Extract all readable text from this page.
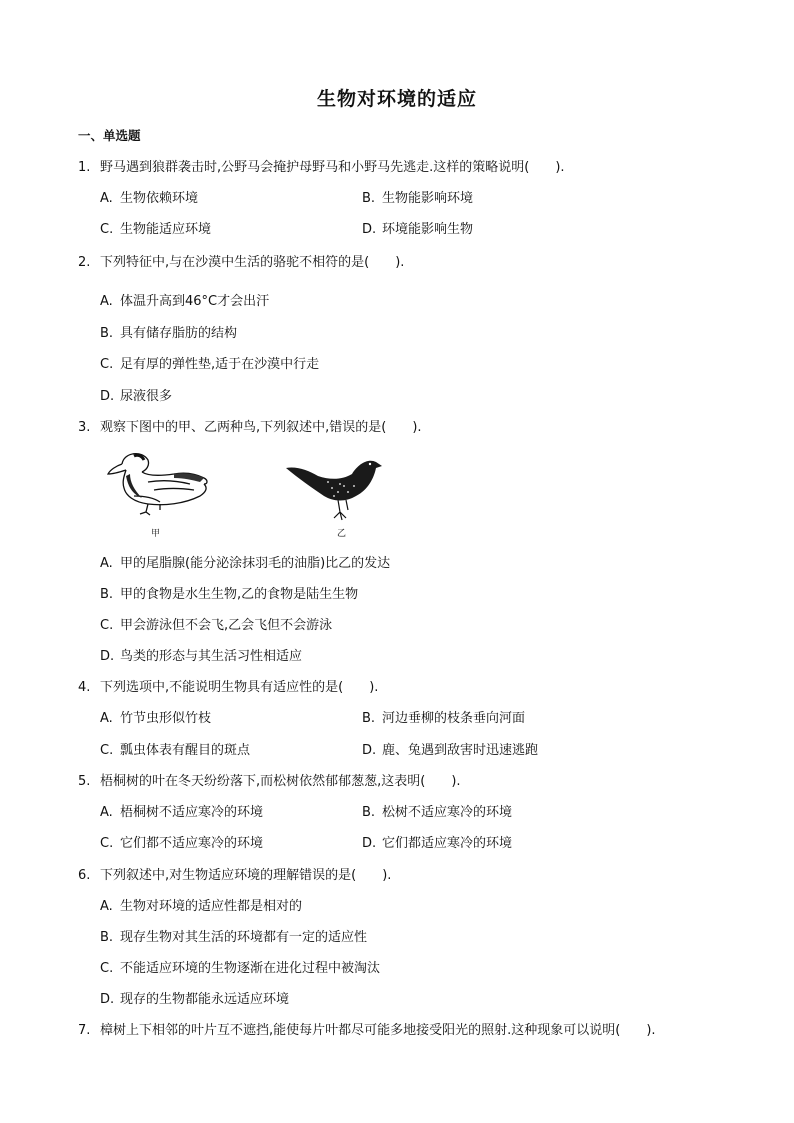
生物对环境的适应
一、单选题
1. 野马遇到狼群袭击时,公野马会掩护母野马和小野马先逃走.这样的策略说明(　　).
A. 生物依赖环境	B. 生物能影响环境
C. 生物能适应环境	D. 环境能影响生物
2. 下列特征中,与在沙漠中生活的骆驼不相符的是(　　).
A. 体温升高到46°C才会出汗
B. 具有储存脂肪的结构
C. 足有厚的弹性垫,适于在沙漠中行走
D. 尿液很多
3. 观察下图中的甲、乙两种鸟,下列叙述中,错误的是(　　).
甲	乙
A. 甲的尾脂腺(能分泌涂抹羽毛的油脂)比乙的发达
B. 甲的食物是水生生物,乙的食物是陆生生物
C. 甲会游泳但不会飞,乙会飞但不会游泳
D. 鸟类的形态与其生活习性相适应
4. 下列选项中,不能说明生物具有适应性的是(　　).
A. 竹节虫形似竹枝	B. 河边垂柳的枝条垂向河面
C. 瓢虫体表有醒目的斑点	D. 鹿、兔遇到敌害时迅速逃跑
5. 梧桐树的叶在冬天纷纷落下,而松树依然郁郁葱葱,这表明(　　).
A. 梧桐树不适应寒冷的环境	B. 松树不适应寒冷的环境
C. 它们都不适应寒冷的环境	D. 它们都适应寒冷的环境
6. 下列叙述中,对生物适应环境的理解错误的是(　　).
A. 生物对环境的适应性都是相对的
B. 现存生物对其生活的环境都有一定的适应性
C. 不能适应环境的生物逐渐在进化过程中被淘汰
D. 现存的生物都能永远适应环境
7. 樟树上下相邻的叶片互不遮挡,能使每片叶都尽可能多地接受阳光的照射.这种现象可以说明(　　).
